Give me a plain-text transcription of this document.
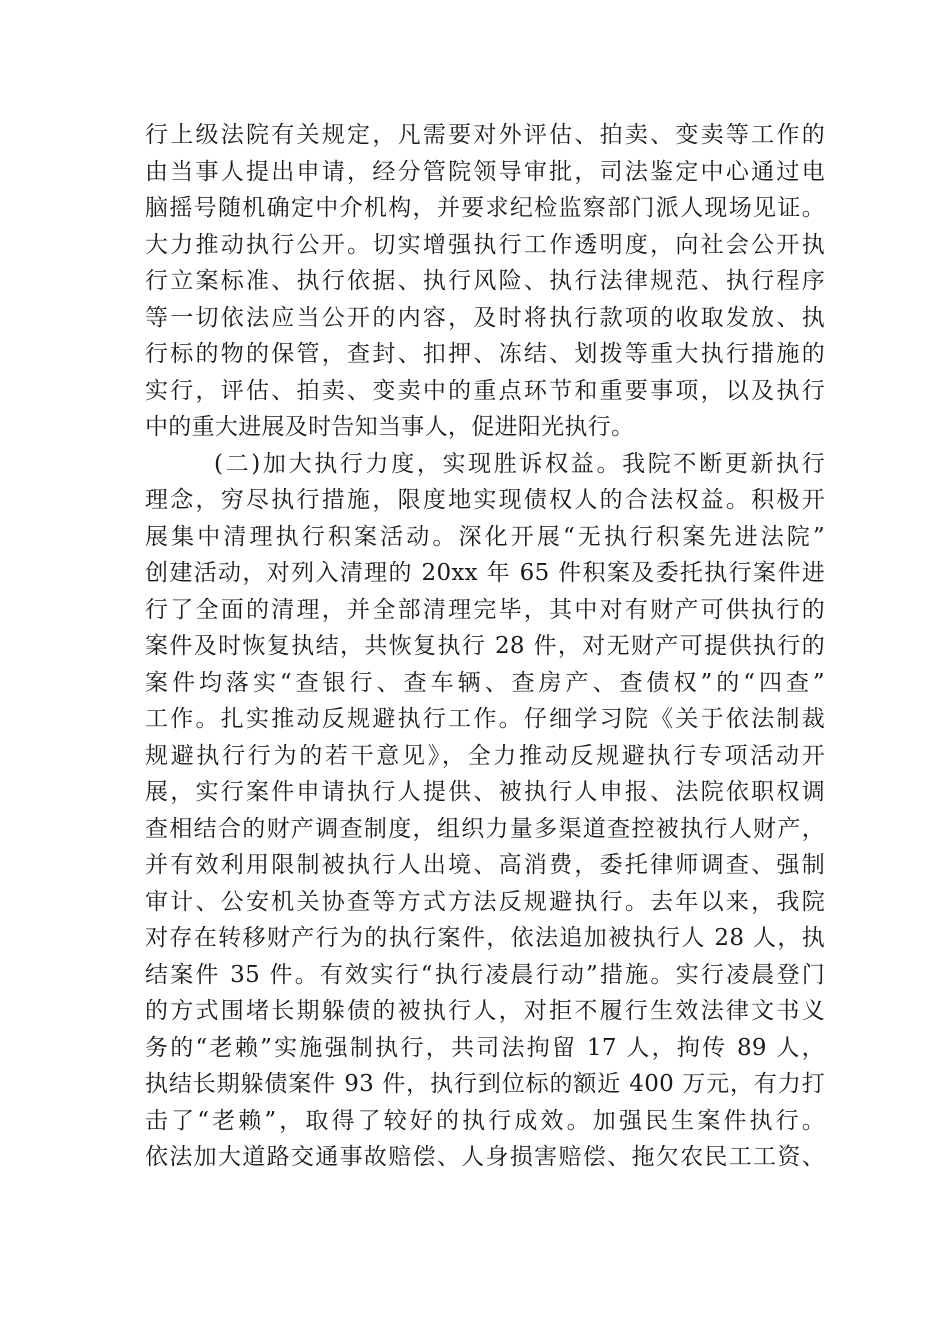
行上级法院有关规定，凡需要对外评估、拍卖、变卖等工作的
由当事人提出申请，经分管院领导审批，司法鉴定中心通过电
脑摇号随机确定中介机构，并要求纪检监察部门派人现场见证。
大力推动执行公开。切实增强执行工作透明度，向社会公开执
行立案标准、执行依据、执行风险、执行法律规范、执行程序
等一切依法应当公开的内容，及时将执行款项的收取发放、执
行标的物的保管，查封、扣押、冻结、划拨等重大执行措施的
实行，评估、拍卖、变卖中的重点环节和重要事项，以及执行
中的重大进展及时告知当事人，促进阳光执行。
(二)加大执行力度，实现胜诉权益。我院不断更新执行
理念，穷尽执行措施，限度地实现债权人的合法权益。积极开
展集中清理执行积案活动。深化开展“无执行积案先进法院”
创建活动，对列入清理的 20xx 年 65 件积案及委托执行案件进
行了全面的清理，并全部清理完毕，其中对有财产可供执行的
案件及时恢复执结，共恢复执行 28 件，对无财产可提供执行的
案件均落实“查银行、查车辆、查房产、查债权”的“四查”
工作。扎实推动反规避执行工作。仔细学习院《关于依法制裁
规避执行行为的若干意见》，全力推动反规避执行专项活动开
展，实行案件申请执行人提供、被执行人申报、法院依职权调
查相结合的财产调查制度，组织力量多渠道查控被执行人财产，
并有效利用限制被执行人出境、高消费，委托律师调查、强制
审计、公安机关协查等方式方法反规避执行。去年以来，我院
对存在转移财产行为的执行案件，依法追加被执行人 28 人，执
结案件 35 件。有效实行“执行凌晨行动”措施。实行凌晨登门
的方式围堵长期躲债的被执行人，对拒不履行生效法律文书义
务的“老赖”实施强制执行，共司法拘留 17 人，拘传 89 人，
执结长期躲债案件 93 件，执行到位标的额近 400 万元，有力打
击了“老赖”，取得了较好的执行成效。加强民生案件执行。
依法加大道路交通事故赔偿、人身损害赔偿、拖欠农民工工资、
